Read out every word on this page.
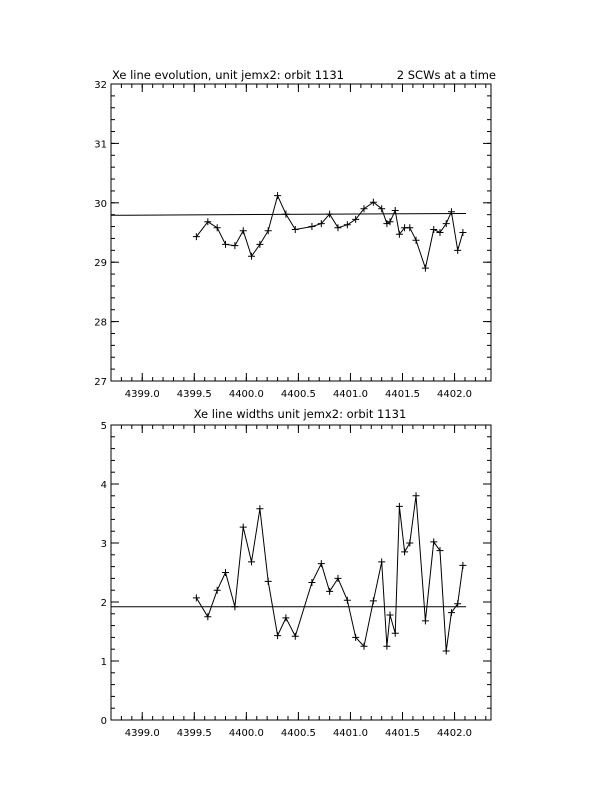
Xe line evolution, unit jemx2: orbit 1131	2 SCWs at a time
4399.0 4399.5 4400.0 4400.5 4401.0 4401.5 4402.0
27
28
29
30
31
32
Xe line widths unit jemx2: orbit 1131
4399.0 4399.5 4400.0 4400.5 4401.0 4401.5 4402.0
0
1
2
3
4
5
